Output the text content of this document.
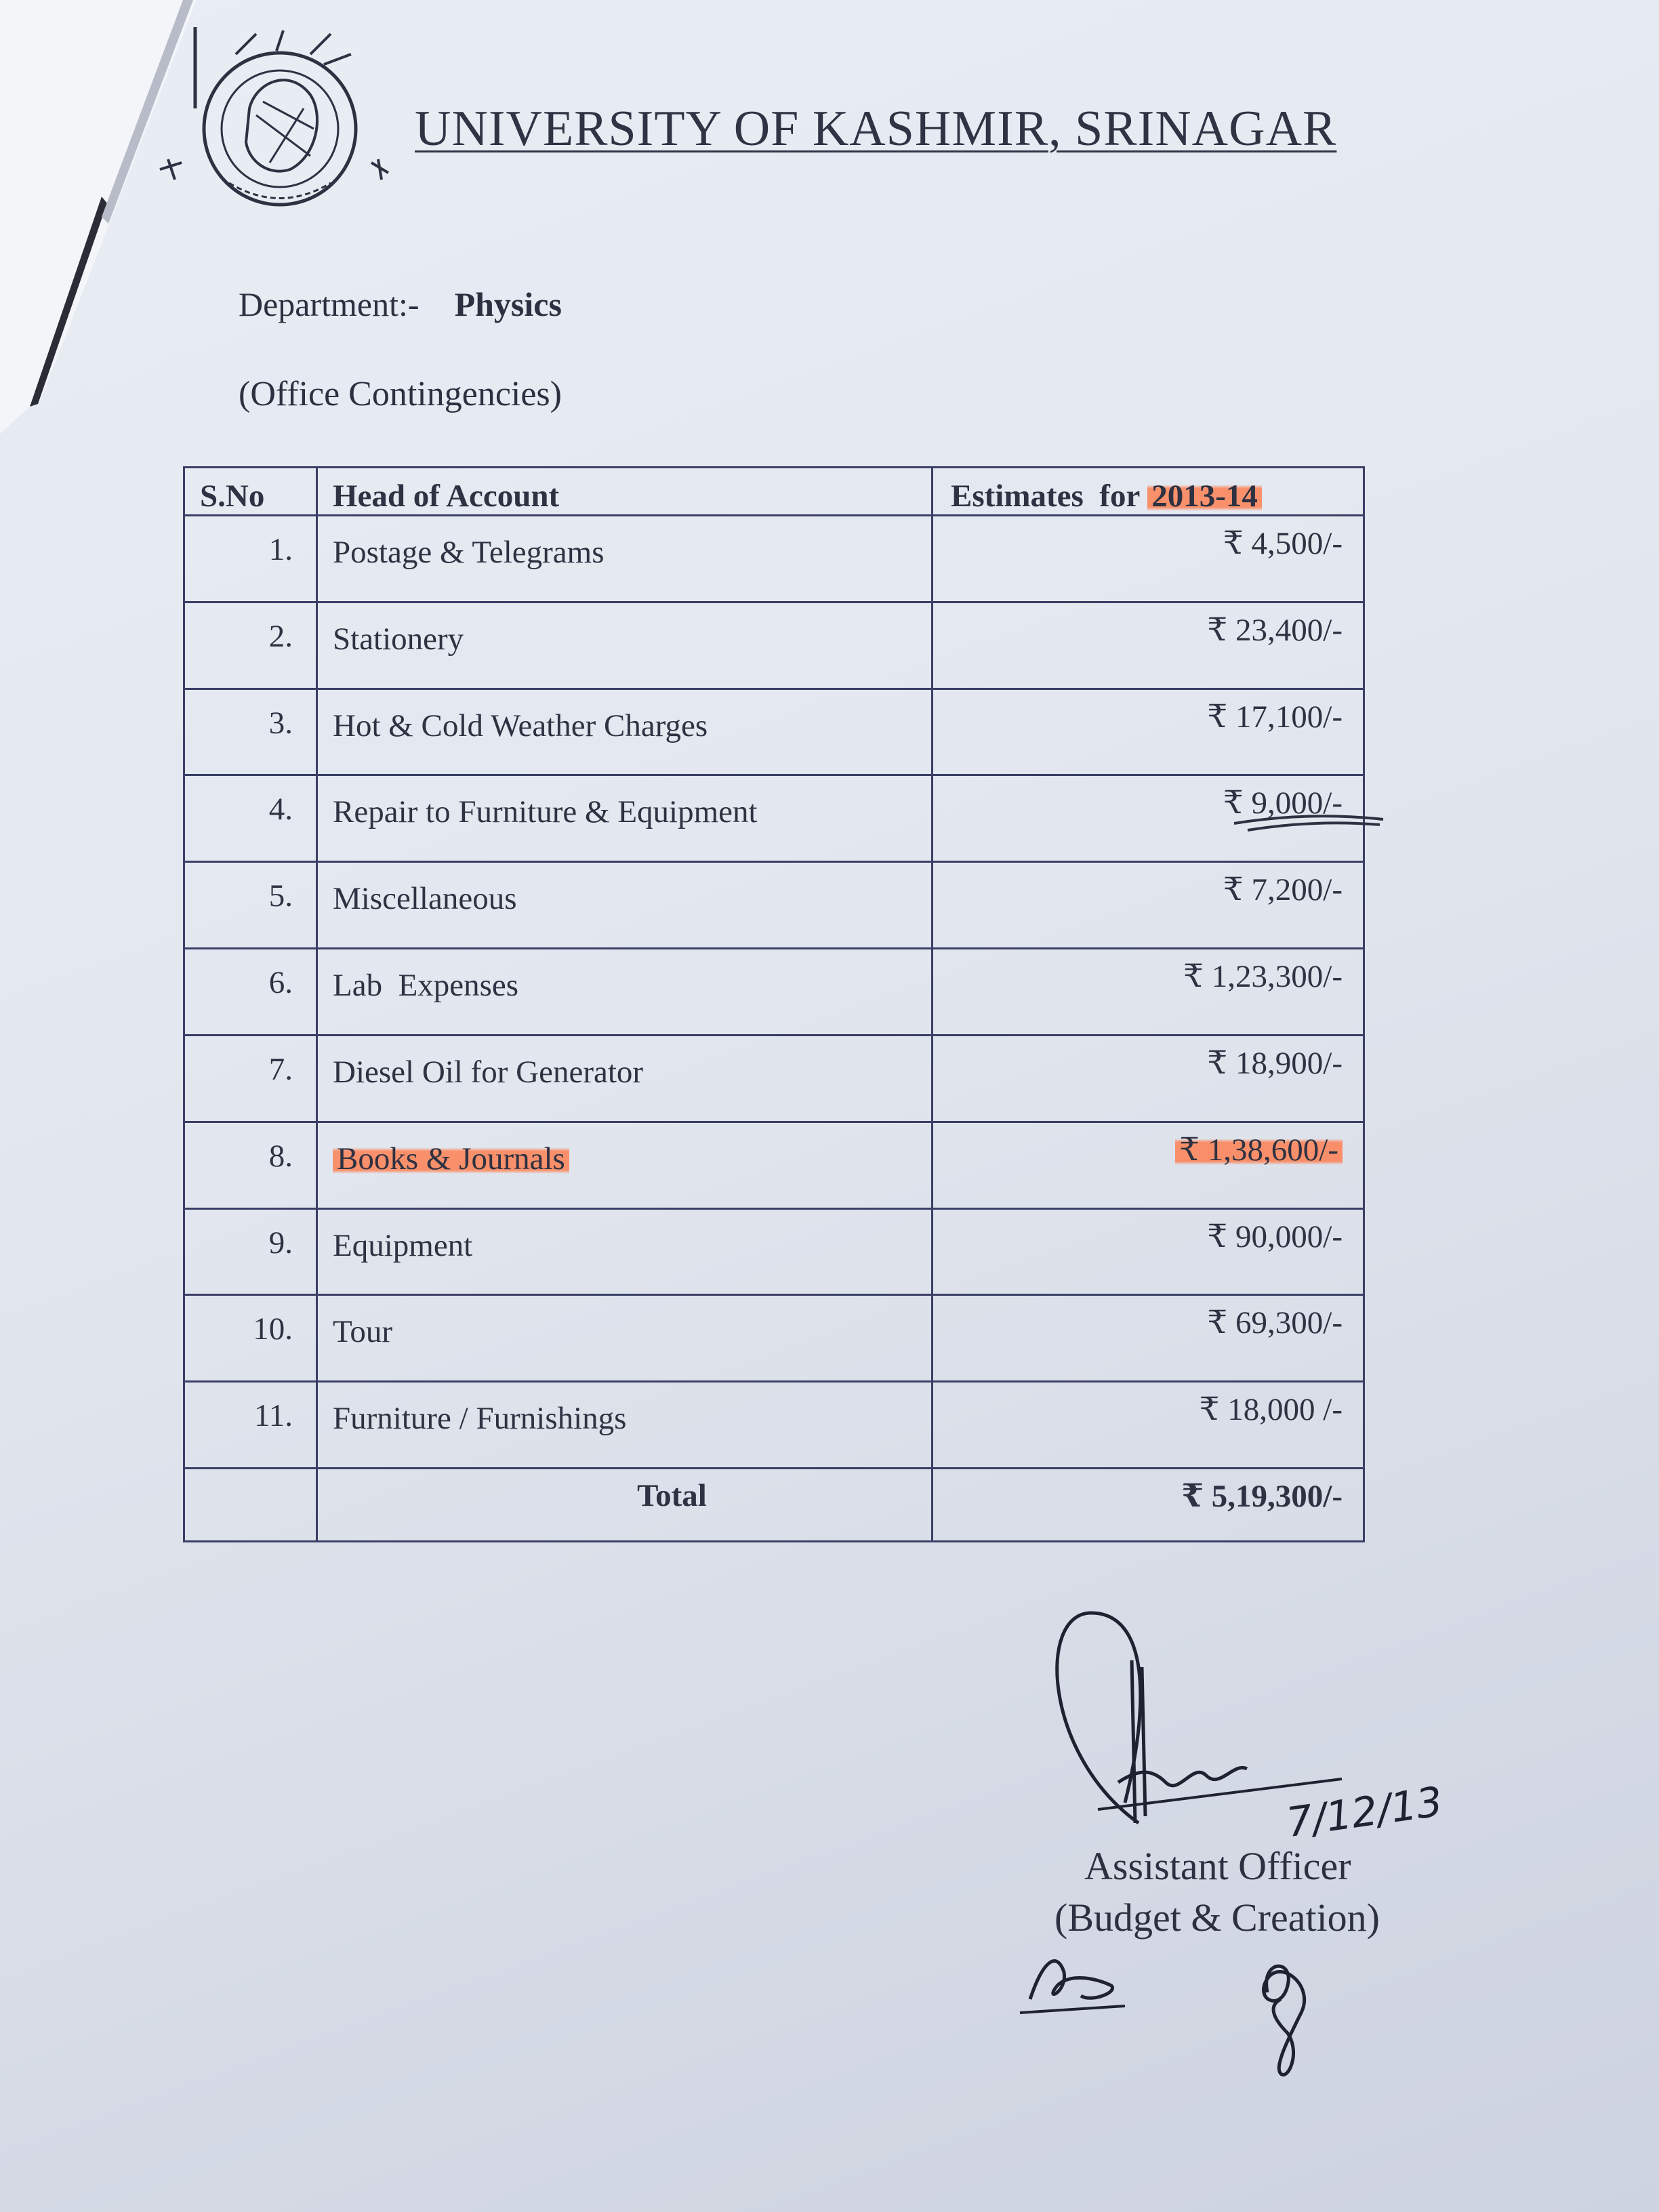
UNIVERSITY OF KASHMIR, SRINAGAR
Department:- Physics
(Office Contingencies)
S.No	Head of Account	Estimates  for 2013-14
1.	Postage & Telegrams	₹ 4,500/-
2.	Stationery	₹ 23,400/-
3.	Hot & Cold Weather Charges	₹ 17,100/-
4.	Repair to Furniture & Equipment	₹ 9,000/-

5.	Miscellaneous	₹ 7,200/-
6.	Lab  Expenses	₹ 1,23,300/-
7.	Diesel Oil for Generator	₹ 18,900/-
8.	Books & Journals	₹ 1,38,600/-
9.	Equipment	₹ 90,000/-
10.	Tour	₹ 69,300/-
11.	Furniture / Furnishings	₹ 18,000 /-
	Total	₹ 5,19,300/-
7/12/13
Assistant Officer
(Budget & Creation)
